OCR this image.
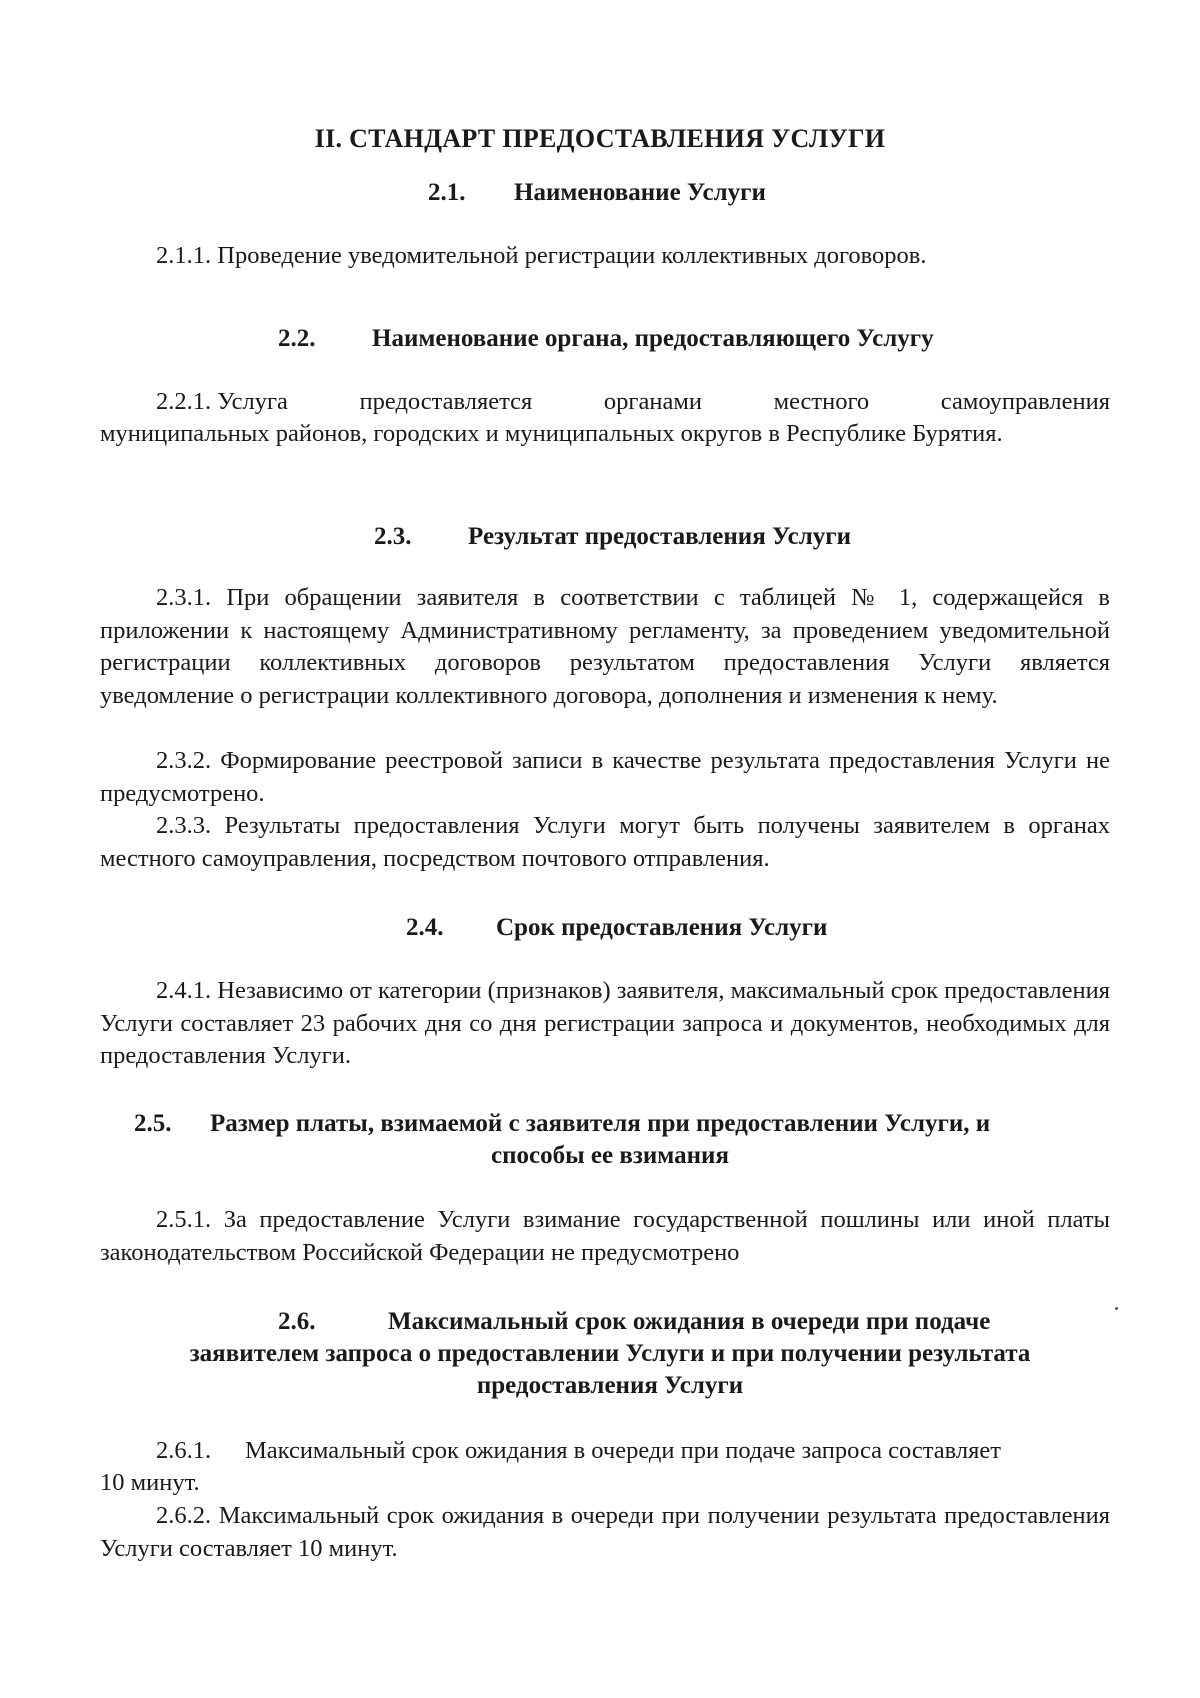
II. СТАНДАРТ ПРЕДОСТАВЛЕНИЯ УСЛУГИ
2.1. Наименование Услуги
2.1.1. Проведение уведомительной регистрации коллективных договоров.
2.2. Наименование органа, предоставляющего Услугу
2.2.1. Услуга	предоставляется	органами	местного	самоуправления
муниципальных районов, городских и муниципальных округов в Республике Бурятия.
2.3. Результат предоставления Услуги
2.3.1. При обращении заявителя в соответствии с таблицей № 1, содержащейся в приложении к настоящему Административному регламенту, за проведением уведомительной регистрации коллективных договоров результатом предоставления Услуги является уведомление о регистрации коллективного договора, дополнения и изменения к нему.
2.3.2. Формирование реестровой записи в качестве результата предоставления Услуги не предусмотрено.
2.3.3. Результаты предоставления Услуги могут быть получены заявителем в органах местного самоуправления, посредством почтового отправления.
2.4. Срок предоставления Услуги
2.4.1. Независимо от категории (признаков) заявителя, максимальный срок предоставления Услуги составляет 23 рабочих дня со дня регистрации запроса и документов, необходимых для предоставления Услуги.
2.5. Размер платы, взимаемой с заявителя при предоставлении Услуги, и
способы ее взимания
2.5.1. За предоставление Услуги взимание государственной пошлины или иной платы законодательством Российской Федерации не предусмотрено
2.6.	Максимальный срок ожидания в очереди при подаче
заявителем запроса о предоставлении Услуги и при получении результата
предоставления Услуги
2.6.1. Максимальный срок ожидания в очереди при подаче запроса составляет
10 минут.
2.6.2. Максимальный срок ожидания в очереди при получении результата предоставления Услуги составляет 10 минут.
